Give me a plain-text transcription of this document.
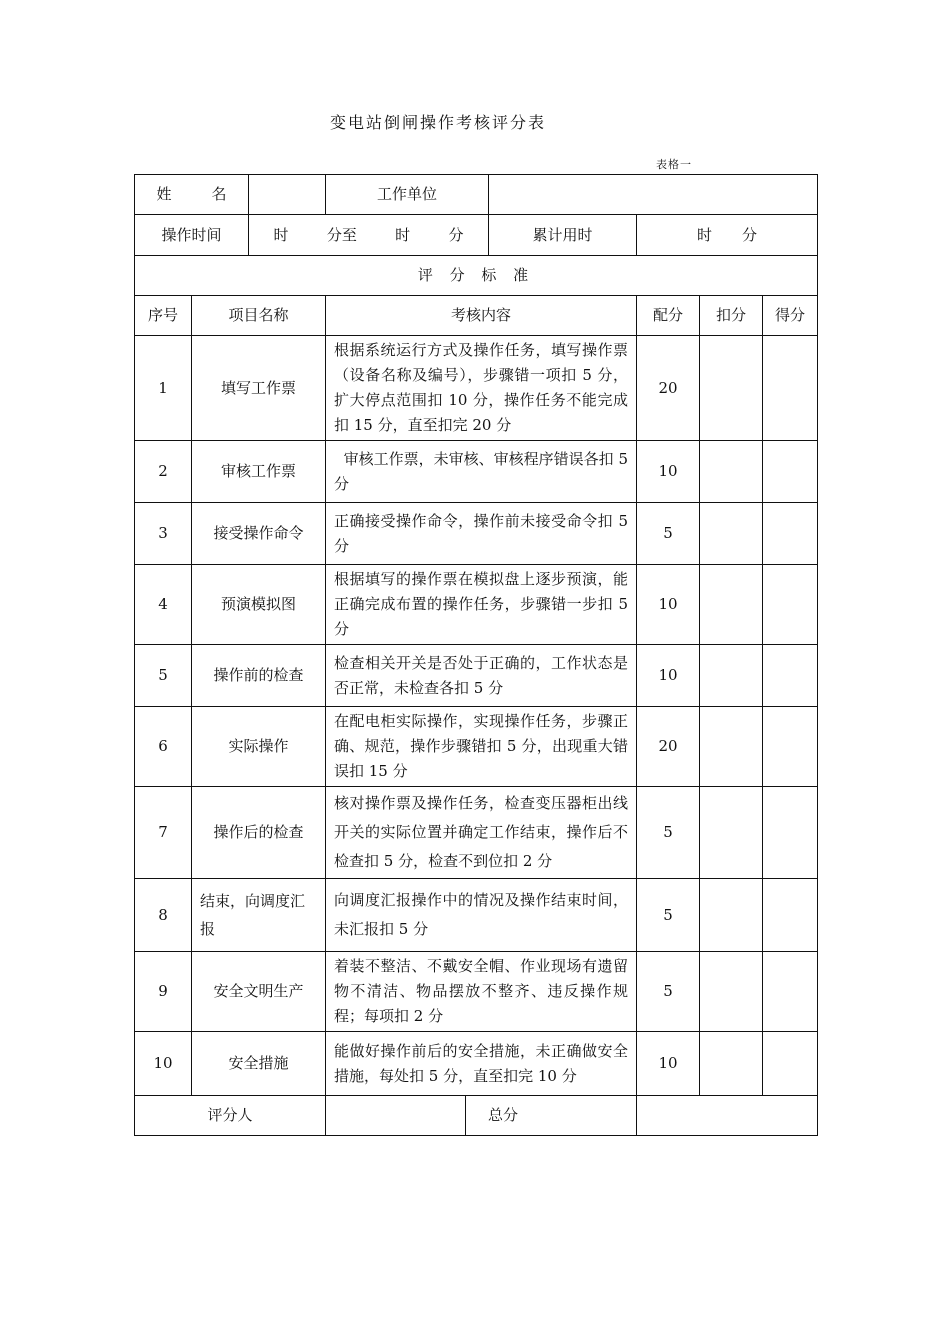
变电站倒闸操作考核评分表
表格一
姓 名			工作单位					
操作时间		时 分至 时 分			累计用时	时 分		

评 分 标 准								
序号	项目名称		考核内容			配分	扣分	得分
1	填写工作票		根据系统运行方式及操作任务，填写操作票（设备名称及编号），步骤错一项扣 5 分，扩大停点范围扣 10 分，操作任务不能完成扣 15 分，直至扣完 20 分			20		
2	审核工作票		审核工作票，未审核、审核程序错误各扣 5 分			10		
3	接受操作命令		正确接受操作命令，操作前未接受命令扣 5 分			5		
4	预演模拟图		根据填写的操作票在模拟盘上逐步预演，能正确完成布置的操作任务，步骤错一步扣 5 分			10		
5	操作前的检查		检查相关开关是否处于正确的，工作状态是否正常，未检查各扣 5 分			10		
6	实际操作		在配电柜实际操作，实现操作任务，步骤正确、规范，操作步骤错扣 5 分，出现重大错误扣 15 分			20		
7	操作后的检查		核对操作票及操作任务，检查变压器柜出线开关的实际位置并确定工作结束，操作后不检查扣 5 分，检查不到位扣 2 分			5		
8	结束，向调度汇报		向调度汇报操作中的情况及操作结束时间，未汇报扣 5 分			5		
9	安全文明生产		着装不整洁、不戴安全帽、作业现场有遗留物不清洁、物品摆放不整齐、违反操作规程；每项扣 2 分			5		
10	安全措施		能做好操作前后的安全措施，未正确做安全措施，每处扣 5 分，直至扣完 10 分			10		
评分人				总分				
